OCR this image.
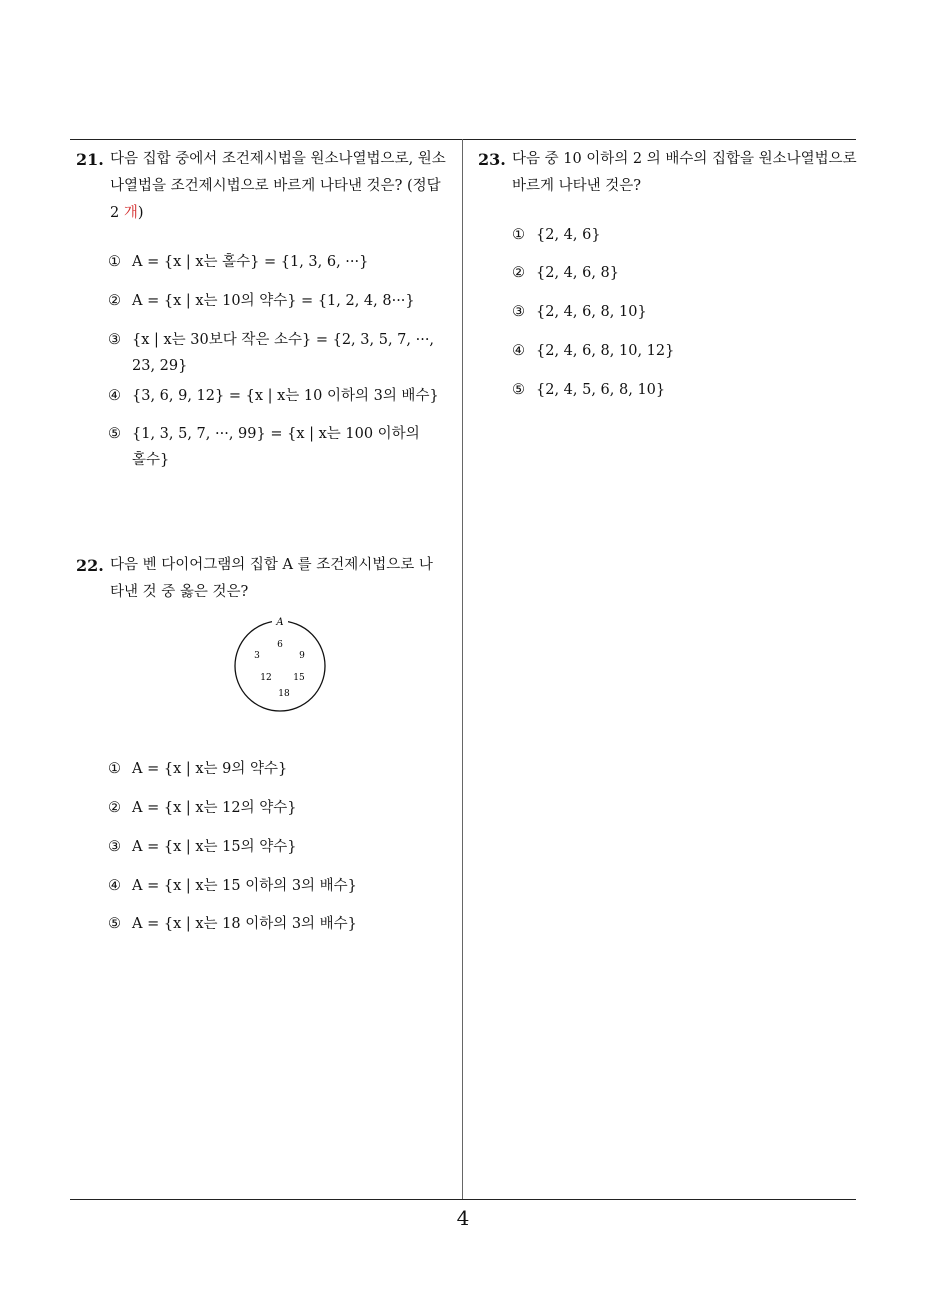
21. 다음 집합 중에서 조건제시법을 원소나열법으로, 원소
나열법을 조건제시법으로 바르게 나타낸 것은? (정답
2 개)
① A = {x | x는 홀수} = {1, 3, 6, ···}
② A = {x | x는 10의 약수} = {1, 2, 4, 8···}
③ {x | x는 30보다 작은 소수} = {2, 3, 5, 7, ···,
23, 29}
④ {3, 6, 9, 12} = {x | x는 10 이하의 3의 배수}
⑤ {1, 3, 5, 7, ···, 99} = {x | x는 100 이하의
홀수}
22. 다음 벤 다이어그램의 집합 A 를 조건제시법으로 나
타낸 것 중 옳은 것은?
A
6
3	9
12 15
18
① A = {x | x는 9의 약수}
② A = {x | x는 12의 약수}
③ A = {x | x는 15의 약수}
④ A = {x | x는 15 이하의 3의 배수}
⑤ A = {x | x는 18 이하의 3의 배수}
23. 다음 중 10 이하의 2 의 배수의 집합을 원소나열법으로
바르게 나타낸 것은?
① {2, 4, 6}
② {2, 4, 6, 8}
③ {2, 4, 6, 8, 10}
④ {2, 4, 6, 8, 10, 12}
⑤ {2, 4, 5, 6, 8, 10}
4
